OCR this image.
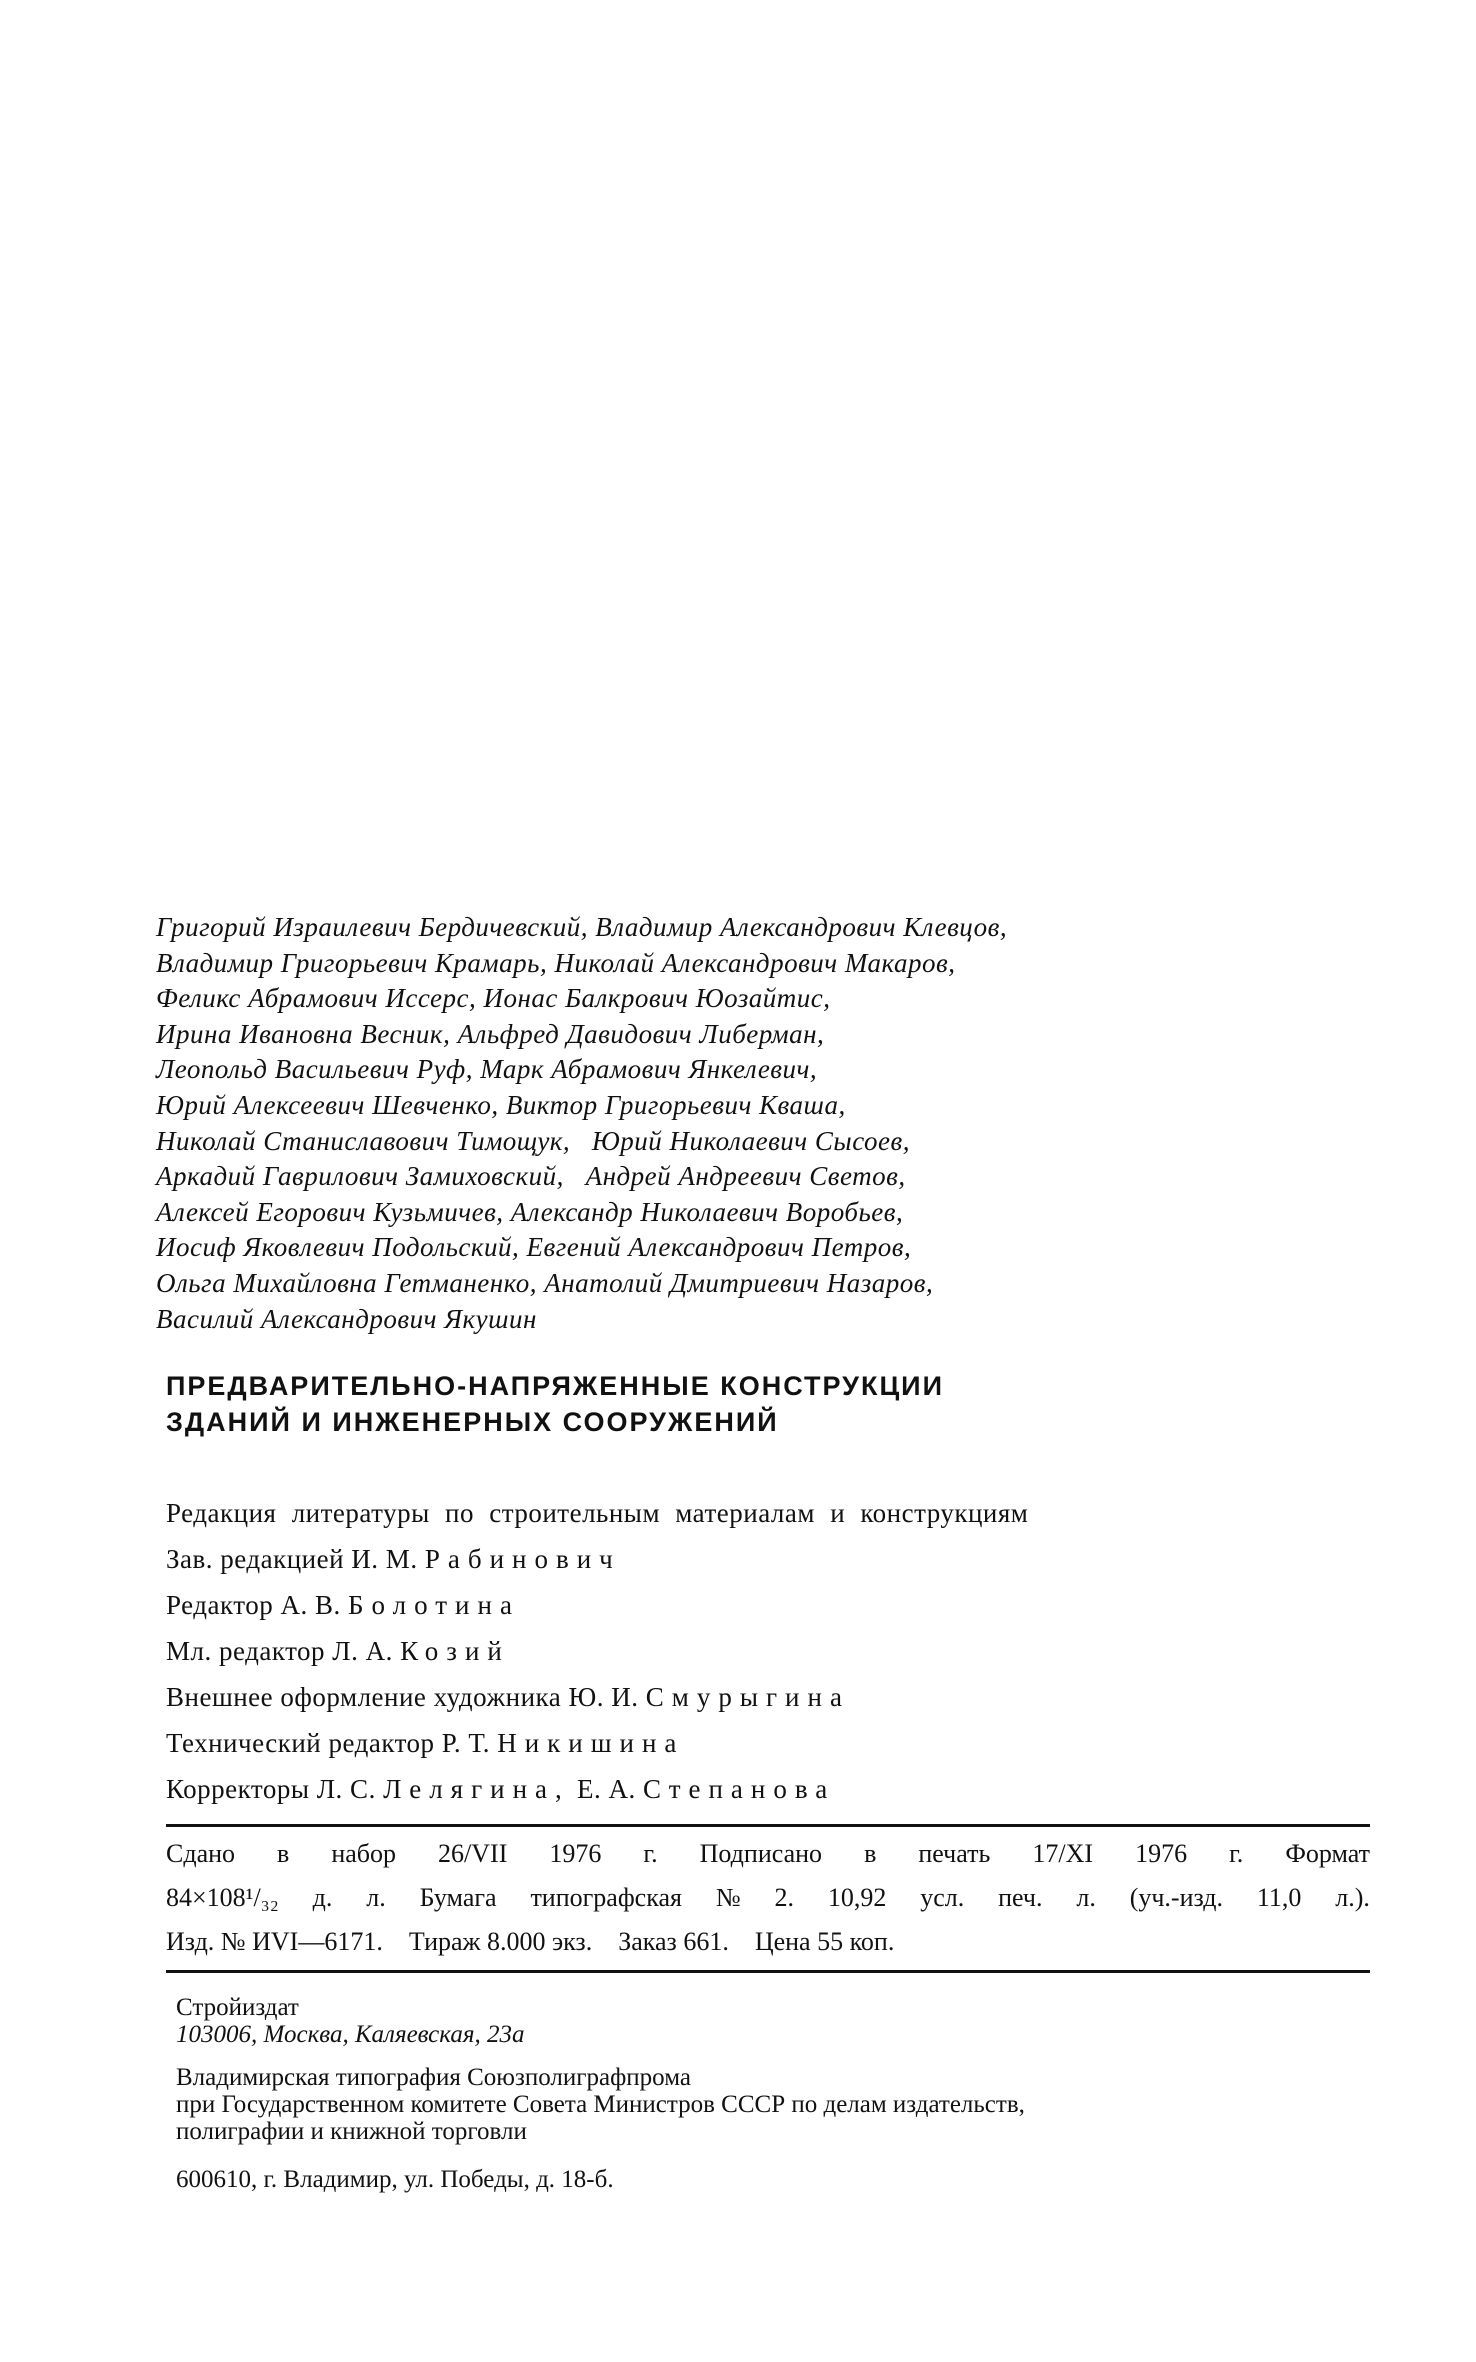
Григорий Израилевич Бердичевский, Владимир Александрович Клевцов,
Владимир Григорьевич Крамарь, Николай Александрович Макаров,
Феликс Абрамович Иссерс, Ионас Балкрович Юозайтис,
Ирина Ивановна Весник, Альфред Давидович Либерман,
Леопольд Васильевич Руф, Марк Абрамович Янкелевич,
Юрий Алексеевич Шевченко, Виктор Григорьевич Кваша,
Николай Станиславович Тимощук,   Юрий Николаевич Сысоев,
Аркадий Гаврилович Замиховский,   Андрей Андреевич Светов,
Алексей Егорович Кузьмичев, Александр Николаевич Воробьев,
Иосиф Яковлевич Подольский, Евгений Александрович Петров,
Ольга Михайловна Гетманенко, Анатолий Дмитриевич Назаров,
Василий Александрович Якушин
ПРЕДВАРИТЕЛЬНО-НАПРЯЖЕННЫЕ КОНСТРУКЦИИ
ЗДАНИЙ И ИНЖЕНЕРНЫХ СООРУЖЕНИЙ
Редакция литературы по строительным материалам и конструкциям
Зав. редакцией И. М. Рабинович
Редактор А. В. Болотина
Мл. редактор Л. А. Козий
Внешнее оформление художника Ю. И. Смурыгина
Технический редактор Р. Т. Никишина
Корректоры Л. С. Лелягина, Е. А. Степанова
Сдано в набор 26/VII 1976 г. Подписано в печать 17/XI 1976 г. Формат
84×108¹/₃₂ д. л. Бумага типографская № 2. 10,92 усл. печ. л. (уч.-изд. 11,0 л.).
Изд. № ИVI—6171. Тираж 8.000 экз. Заказ 661. Цена 55 коп.
Стройиздат
103006, Москва, Каляевская, 23а
Владимирская типография Союзполиграфпрома
при Государственном комитете Совета Министров СССР по делам издательств,
полиграфии и книжной торговли
600610, г. Владимир, ул. Победы, д. 18-б.
